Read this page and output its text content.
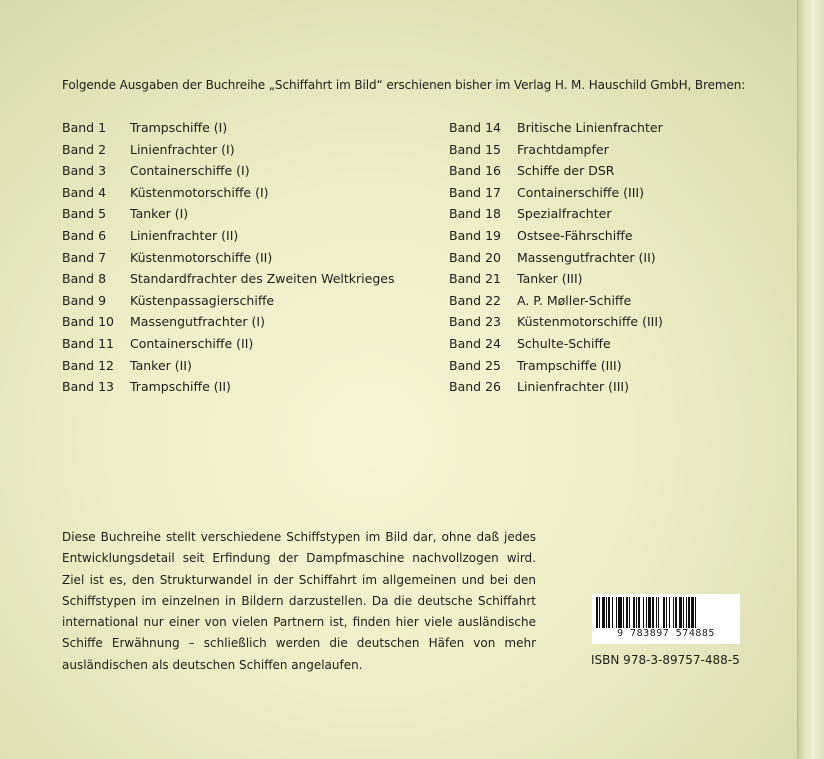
Folgende Ausgaben der Buchreihe „Schiffahrt im Bild“ erschienen bisher im Verlag H. M. Hauschild GmbH, Bremen:
Band 1	Trampschiffe (I)
Band 2	Linienfrachter (I)
Band 3	Containerschiffe (I)
Band 4	Küstenmotorschiffe (I)
Band 5	Tanker (I)
Band 6	Linienfrachter (II)
Band 7	Küstenmotorschiffe (II)
Band 8	Standardfrachter des Zweiten Weltkrieges
Band 9	Küstenpassagierschiffe
Band 10	Massengutfrachter (I)
Band 11	Containerschiffe (II)
Band 12	Tanker (II)
Band 13	Trampschiffe (II)
Band 14	Britische Linienfrachter
Band 15	Frachtdampfer
Band 16	Schiffe der DSR
Band 17	Containerschiffe (III)
Band 18	Spezialfrachter
Band 19	Ostsee-Fährschiffe
Band 20	Massengutfrachter (II)
Band 21	Tanker (III)
Band 22	A. P. Møller-Schiffe
Band 23	Küstenmotorschiffe (III)
Band 24	Schulte-Schiffe
Band 25	Trampschiffe (III)
Band 26	Linienfrachter (III)

Diese Buchreihe stellt verschiedene Schiffstypen im Bild dar, ohne daß jedes Entwicklungsdetail seit Erfindung der Dampfmaschine nachvollzogen wird. Ziel ist es, den Strukturwandel in der Schiffahrt im allgemeinen und bei den Schiffstypen im einzelnen in Bildern darzustellen. Da die deutsche Schiffahrt international nur einer von vielen Partnern ist, finden hier viele ausländische Schiffe Erwähnung – schließlich werden die deutschen Häfen von mehr ausländischen als deutschen Schiffen angelaufen.

9 783897 574885
ISBN 978-3-89757-488-5
